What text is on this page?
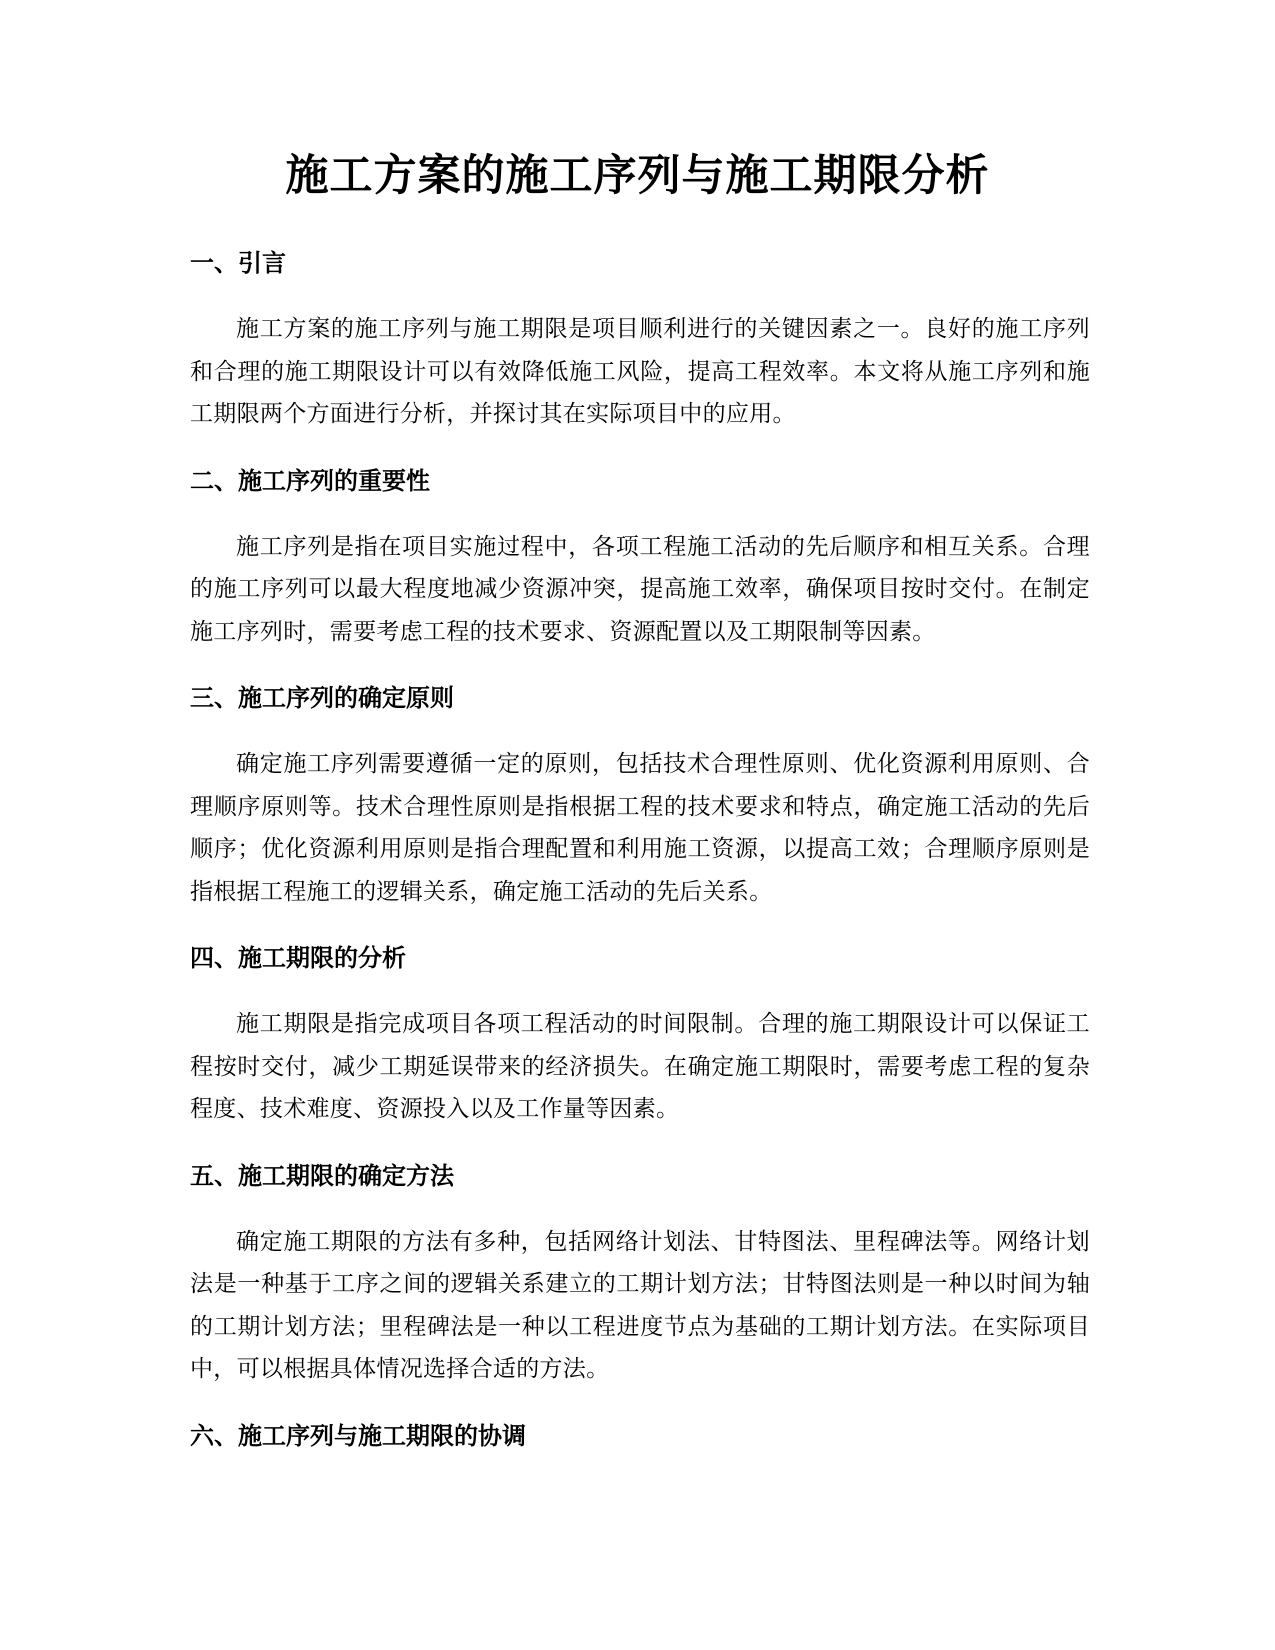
施工方案的施工序列与施工期限分析
一、引言

施工方案的施工序列与施工期限是项目顺利进行的关键因素之一。良好的施工序列和合理的施工期限设计可以有效降低施工风险，提高工程效率。本文将从施工序列和施工期限两个方面进行分析，并探讨其在实际项目中的应用。

二、施工序列的重要性

施工序列是指在项目实施过程中，各项工程施工活动的先后顺序和相互关系。合理的施工序列可以最大程度地减少资源冲突，提高施工效率，确保项目按时交付。在制定施工序列时，需要考虑工程的技术要求、资源配置以及工期限制等因素。

三、施工序列的确定原则

确定施工序列需要遵循一定的原则，包括技术合理性原则、优化资源利用原则、合理顺序原则等。技术合理性原则是指根据工程的技术要求和特点，确定施工活动的先后顺序；优化资源利用原则是指合理配置和利用施工资源，以提高工效；合理顺序原则是指根据工程施工的逻辑关系，确定施工活动的先后关系。

四、施工期限的分析

施工期限是指完成项目各项工程活动的时间限制。合理的施工期限设计可以保证工程按时交付，减少工期延误带来的经济损失。在确定施工期限时，需要考虑工程的复杂程度、技术难度、资源投入以及工作量等因素。

五、施工期限的确定方法

确定施工期限的方法有多种，包括网络计划法、甘特图法、里程碑法等。网络计划法是一种基于工序之间的逻辑关系建立的工期计划方法；甘特图法则是一种以时间为轴的工期计划方法；里程碑法是一种以工程进度节点为基础的工期计划方法。在实际项目中，可以根据具体情况选择合适的方法。

六、施工序列与施工期限的协调
